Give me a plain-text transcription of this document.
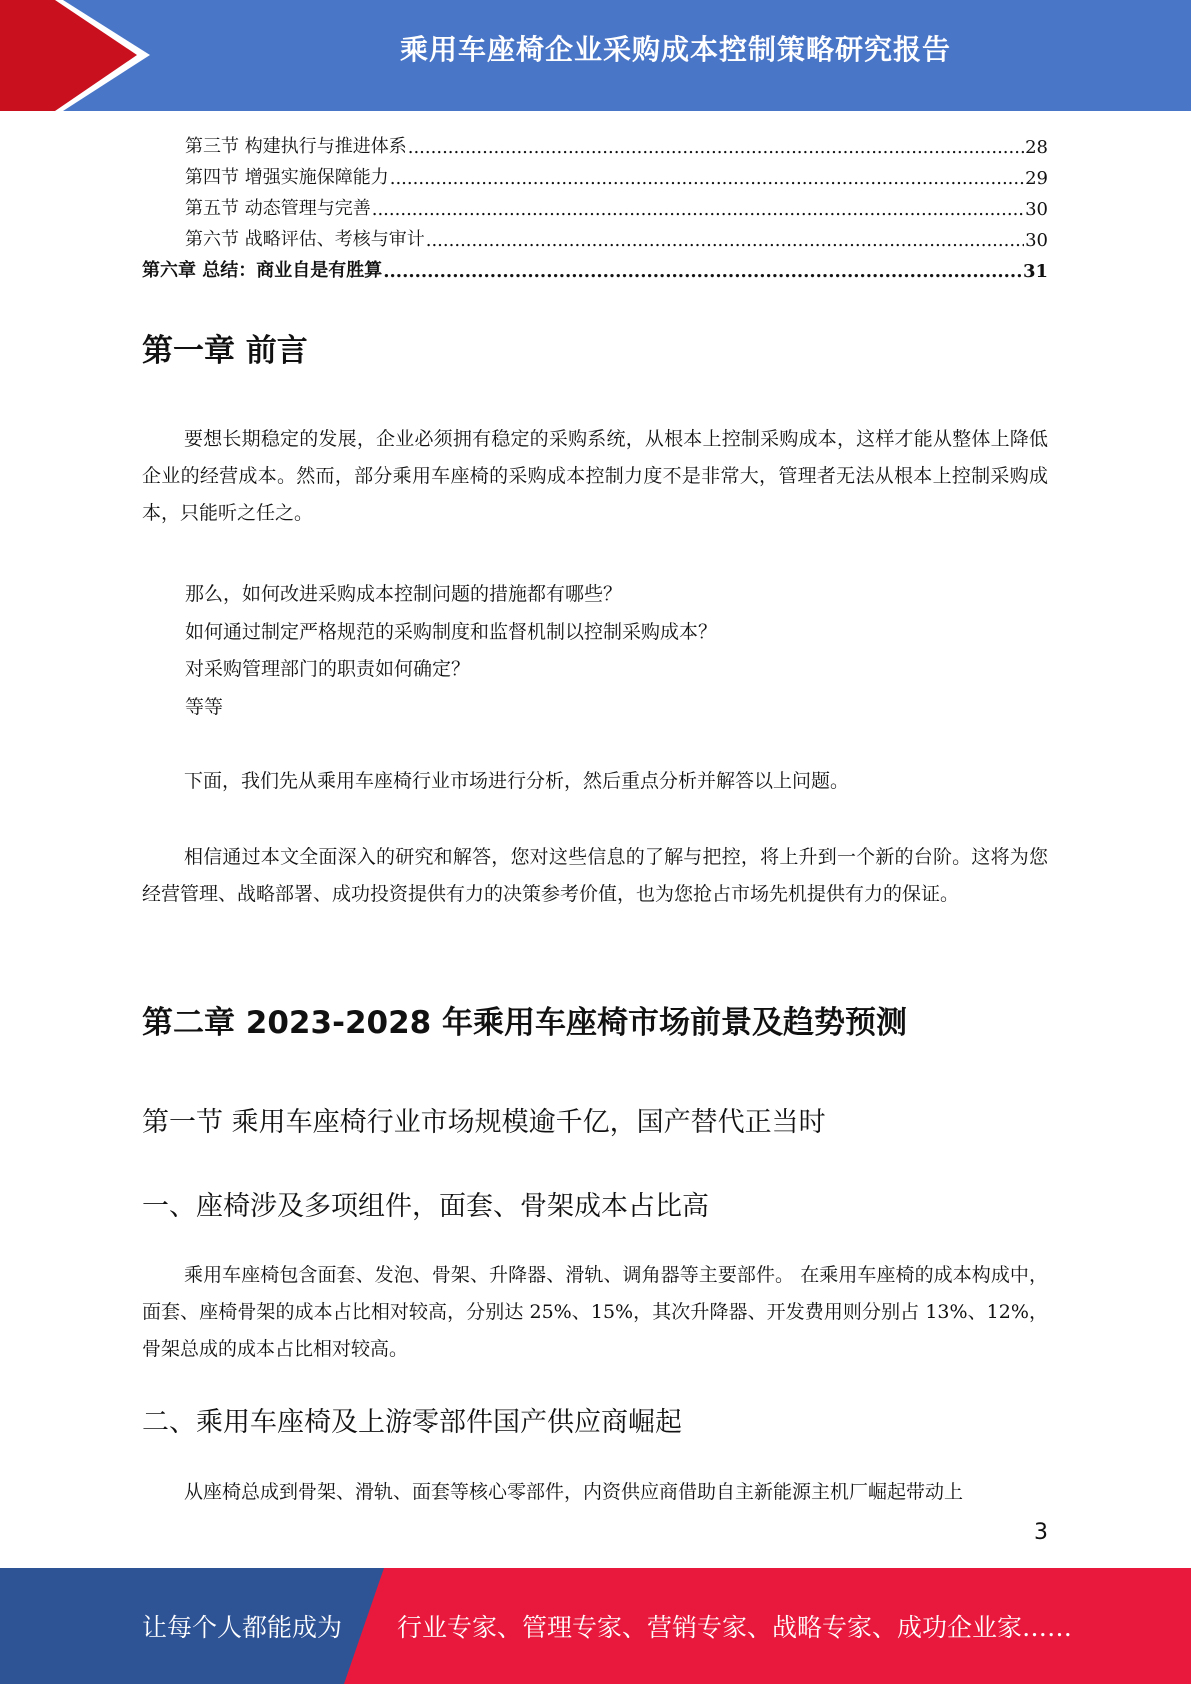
乘用车座椅企业采购成本控制策略研究报告
第三节 构建执行与推进体系 .....	28
第四节 增强实施保障能力 .....	29
第五节 动态管理与完善 .....	30
第六节 战略评估、考核与审计 .....	30
第六章 总结：商业自是有胜算 .....	31
第一章 前言

要想长期稳定的发展，企业必须拥有稳定的采购系统，从根本上控制采购成本，这样才能从整体上降低企业的经营成本。然而，部分乘用车座椅的采购成本控制力度不是非常大，管理者无法从根本上控制采购成本，只能听之任之。

那么，如何改进采购成本控制问题的措施都有哪些？
如何通过制定严格规范的采购制度和监督机制以控制采购成本？
对采购管理部门的职责如何确定？
等等

下面，我们先从乘用车座椅行业市场进行分析，然后重点分析并解答以上问题。

相信通过本文全面深入的研究和解答，您对这些信息的了解与把控，将上升到一个新的台阶。这将为您经营管理、战略部署、成功投资提供有力的决策参考价值，也为您抢占市场先机提供有力的保证。

第二章 2023-2028 年乘用车座椅市场前景及趋势预测
第一节 乘用车座椅行业市场规模逾千亿，国产替代正当时
一、座椅涉及多项组件，面套、骨架成本占比高

乘用车座椅包含面套、发泡、骨架、升降器、滑轨、调角器等主要部件。 在乘用车座椅的成本构成中，面套、座椅骨架的成本占比相对较高，分别达 25%、15%，其次升降器、开发费用则分别占 13%、12%，骨架总成的成本占比相对较高。

二、乘用车座椅及上游零部件国产供应商崛起

从座椅总成到骨架、滑轨、面套等核心零部件，内资供应商借助自主新能源主机厂崛起带动上

3
让每个人都能成为 行业专家、管理专家、营销专家、战略专家、成功企业家……
